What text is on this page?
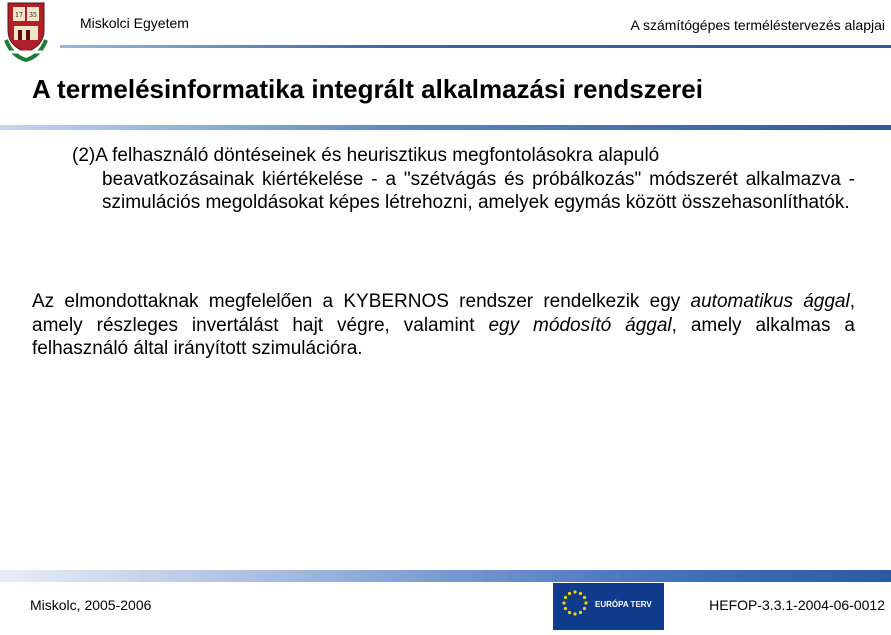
17 35	Miskolci Egyetem	A számítógépes terméléstervezés alapjai
A termelésinformatika integrált alkalmazási rendszerei
(2)A felhasználó döntéseinek és heurisztikus megfontolásokra alapuló
beavatkozásainak kiértékelése - a "szétvágás és próbálkozás" módszerét alkalmazva - szimulációs megoldásokat képes létrehozni, amelyek egymás között összehasonlíthatók.
Az elmondottaknak megfelelően a KYBERNOS rendszer rendelkezik egy automatikus ággal, amely részleges invertálást hajt végre, valamint egy módosító ággal, amely alkalmas a felhasználó által irányított szimulációra.
Miskolc, 2005-2006	EURÓPA TERV	HEFOP-3.3.1-2004-06-0012
